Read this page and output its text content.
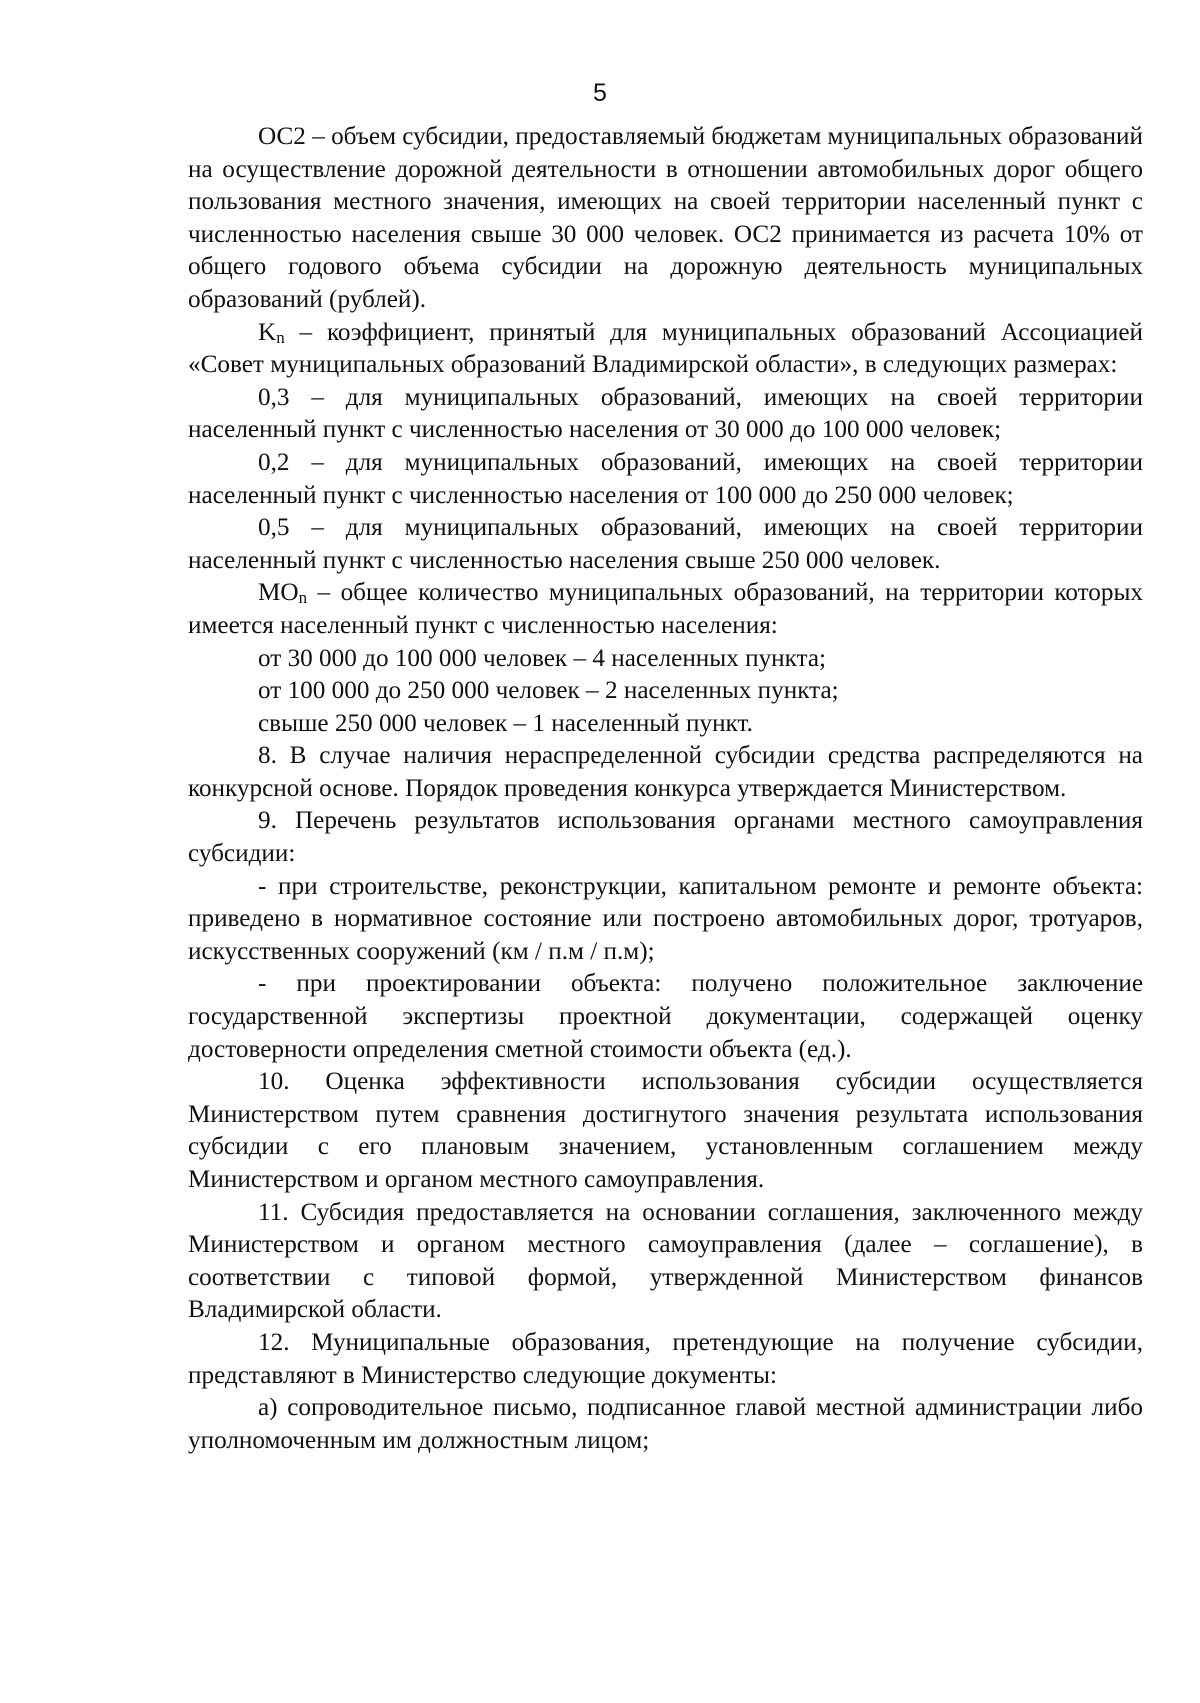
5

ОС2 – объем субсидии, предоставляемый бюджетам муниципальных образований на осуществление дорожной деятельности в отношении автомобильных дорог общего пользования местного значения, имеющих на своей территории населенный пункт с численностью населения свыше 30 000 человек. ОС2 принимается из расчета 10% от общего годового объема субсидии на дорожную деятельность муниципальных образований (рублей).

Kn – коэффициент, принятый для муниципальных образований Ассоциацией «Совет муниципальных образований Владимирской области», в следующих размерах:

0,3 – для муниципальных образований, имеющих на своей территории населенный пункт с численностью населения от 30 000 до 100 000 человек;

0,2 – для муниципальных образований, имеющих на своей территории населенный пункт с численностью населения от 100 000 до 250 000 человек;

0,5 – для муниципальных образований, имеющих на своей территории населенный пункт с численностью населения свыше 250 000 человек.

MOn – общее количество муниципальных образований, на территории которых имеется населенный пункт с численностью населения:

от 30 000 до 100 000 человек – 4 населенных пункта;

от 100 000 до 250 000 человек – 2 населенных пункта;

свыше 250 000 человек – 1 населенный пункт.

8. В случае наличия нераспределенной субсидии средства распределяются на конкурсной основе. Порядок проведения конкурса утверждается Министерством.

9. Перечень результатов использования органами местного самоуправления субсидии:

- при строительстве, реконструкции, капитальном ремонте и ремонте объекта: приведено в нормативное состояние или построено автомобильных дорог, тротуаров, искусственных сооружений (км / п.м / п.м);

- при проектировании объекта: получено положительное заключение государственной экспертизы проектной документации, содержащей оценку достоверности определения сметной стоимости объекта (ед.).

10. Оценка эффективности использования субсидии осуществляется Министерством путем сравнения достигнутого значения результата использования субсидии с его плановым значением, установленным соглашением между Министерством и органом местного самоуправления.

11. Субсидия предоставляется на основании соглашения, заключенного между Министерством и органом местного самоуправления (далее – соглашение), в соответствии с типовой формой, утвержденной Министерством финансов Владимирской области.

12. Муниципальные образования, претендующие на получение субсидии, представляют в Министерство следующие документы:

а) сопроводительное письмо, подписанное главой местной администрации либо уполномоченным им должностным лицом;
